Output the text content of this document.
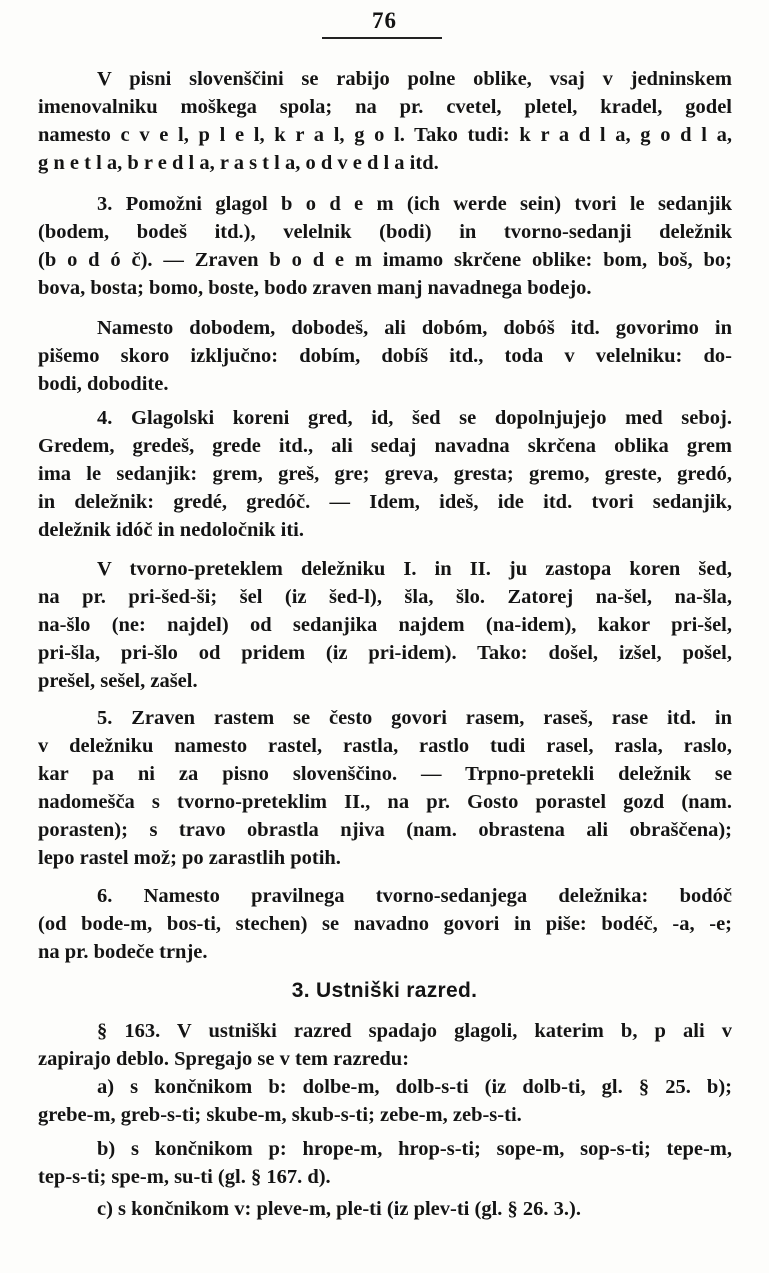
76
V pisni slovenščini se rabijo polne oblike, vsaj v jedninskem
imenovalniku moškega spola; na pr. cvetel, pletel, kradel, godel
namesto c v e l, p l e l, k r a l, g o l. Tako tudi: k r a d l a, g o d l a,
g n e t l a, b r e d l a, r a s t l a, o d v e d l a itd.
3. Pomožni glagol b o d e m (ich werde sein) tvori le sedanjik
(bodem, bodeš itd.), velelnik (bodi) in tvorno-sedanji deležnik
(b o d ó č). — Zraven b o d e m imamo skrčene oblike: bom, boš, bo;
bova, bosta; bomo, boste, bodo zraven manj navadnega bodejo.
Namesto dobodem, dobodeš, ali dobóm, dobóš itd. govorimo in
pišemo skoro izključno: dobím, dobíš itd., toda v velelniku: do-
bodi, dobodite.
4. Glagolski koreni gred, id, šed se dopolnjujejo med seboj.
Gredem, gredeš, grede itd., ali sedaj navadna skrčena oblika grem
ima le sedanjik: grem, greš, gre; greva, gresta; gremo, greste, gredó,
in deležnik: gredé, gredóč. — Idem, ideš, ide itd. tvori sedanjik,
deležnik idóč in nedoločnik iti.
V tvorno-preteklem deležniku I. in II. ju zastopa koren šed,
na pr. pri-šed-ši; šel (iz šed-l), šla, šlo. Zatorej na-šel, na-šla,
na-šlo (ne: najdel) od sedanjika najdem (na-idem), kakor pri-šel,
pri-šla, pri-šlo od pridem (iz pri-idem). Tako: došel, izšel, pošel,
prešel, sešel, zašel.
5. Zraven rastem se često govori rasem, raseš, rase itd. in
v deležniku namesto rastel, rastla, rastlo tudi rasel, rasla, raslo,
kar pa ni za pisno slovenščino. — Trpno-pretekli deležnik se
nadomešča s tvorno-preteklim II., na pr. Gosto porastel gozd (nam.
porasten); s travo obrastla njiva (nam. obrastena ali obraščena);
lepo rastel mož; po zarastlih potih.
6. Namesto pravilnega tvorno-sedanjega deležnika: bodóč
(od bode-m, bos-ti, stechen) se navadno govori in piše: bodéč, -a, -e;
na pr. bodeče trnje.
3. Ustniški razred.
§ 163. V ustniški razred spadajo glagoli, katerim b, p ali v
zapirajo deblo. Spregajo se v tem razredu:
a) s končnikom b: dolbe-m, dolb-s-ti (iz dolb-ti, gl. § 25. b);
grebe-m, greb-s-ti; skube-m, skub-s-ti; zebe-m, zeb-s-ti.
b) s končnikom p: hrope-m, hrop-s-ti; sope-m, sop-s-ti; tepe-m,
tep-s-ti; spe-m, su-ti (gl. § 167. d).
c) s končnikom v: pleve-m, ple-ti (iz plev-ti (gl. § 26. 3.).
